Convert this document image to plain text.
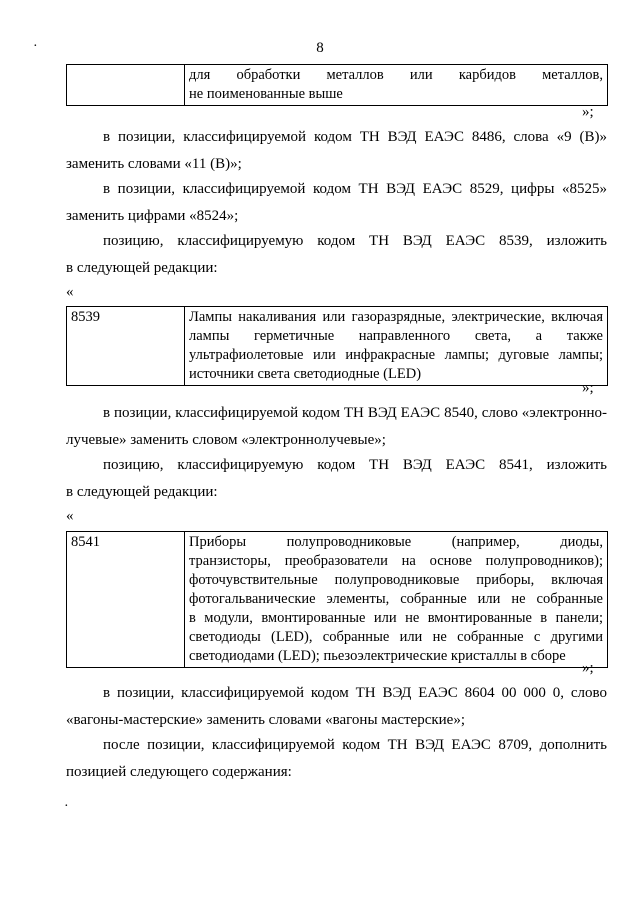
·
·
8

для обработки металлов или карбидов металлов,
не поименованные выше
»;
в позиции, классифицируемой кодом ТН ВЭД ЕАЭС 8486, слова «9 (В)»
заменить словами «11 (В)»;
в позиции, классифицируемой кодом ТН ВЭД ЕАЭС 8529, цифры «8525»
заменить цифрами «8524»;
позицию, классифицируемую кодом ТН ВЭД ЕАЭС 8539, изложить
в следующей редакции:
«
8539	Лампы накаливания или газоразрядные, электрические, включая
лампы герметичные направленного света, а также
ультрафиолетовые или инфракрасные лампы; дуговые лампы;
источники света светодиодные (LED)
»;
в позиции, классифицируемой кодом ТН ВЭД ЕАЭС 8540, слово «электронно-
лучевые» заменить словом «электроннолучевые»;
позицию, классифицируемую кодом ТН ВЭД ЕАЭС 8541, изложить
в следующей редакции:
«
8541	Приборы полупроводниковые (например, диоды,
транзисторы, преобразователи на основе полупроводников);
фоточувствительные полупроводниковые приборы, включая
фотогальванические элементы, собранные или не собранные
в модули, вмонтированные или не вмонтированные в панели;
светодиоды (LED), собранные или не собранные с другими
светодиодами (LED); пьезоэлектрические кристаллы в сборе
»;
в позиции, классифицируемой кодом ТН ВЭД ЕАЭС 8604 00 000 0, слово
«вагоны-мастерские» заменить словами «вагоны мастерские»;
после позиции, классифицируемой кодом ТН ВЭД ЕАЭС 8709, дополнить
позицией следующего содержания:
